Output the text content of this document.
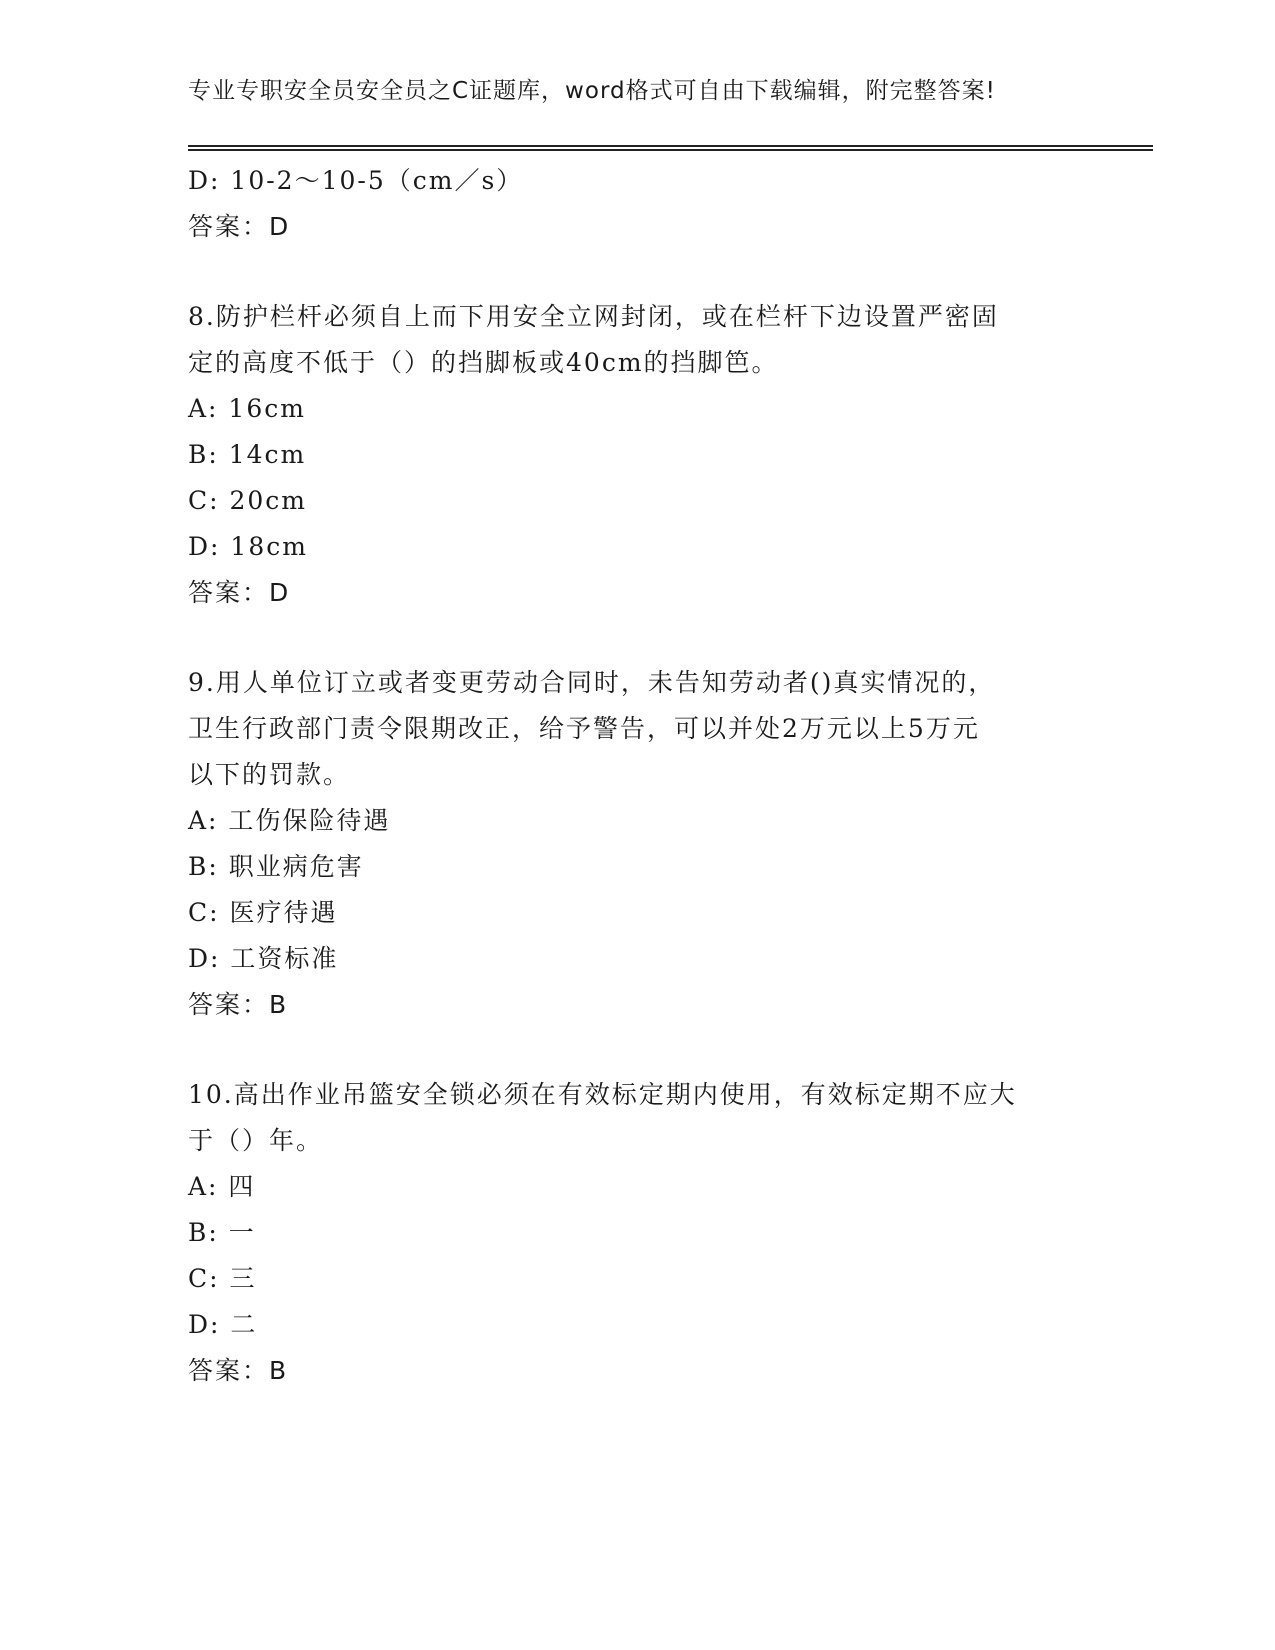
专业专职安全员安全员之C证题库，word格式可自由下载编辑，附完整答案!
D: 10-2～10-5（cm／s）
答案：D
8.防护栏杆必须自上而下用安全立网封闭，或在栏杆下边设置严密固
定的高度不低于（）的挡脚板或40cm的挡脚笆。
A: 16cm
B: 14cm
C: 20cm
D: 18cm
答案：D
9.用人单位订立或者变更劳动合同时，未告知劳动者()真实情况的，
卫生行政部门责令限期改正，给予警告，可以并处2万元以上5万元
以下的罚款。
A: 工伤保险待遇
B: 职业病危害
C: 医疗待遇
D: 工资标准
答案：B
10.高出作业吊篮安全锁必须在有效标定期内使用，有效标定期不应大
于（）年。
A: 四
B: 一
C: 三
D: 二
答案：B
